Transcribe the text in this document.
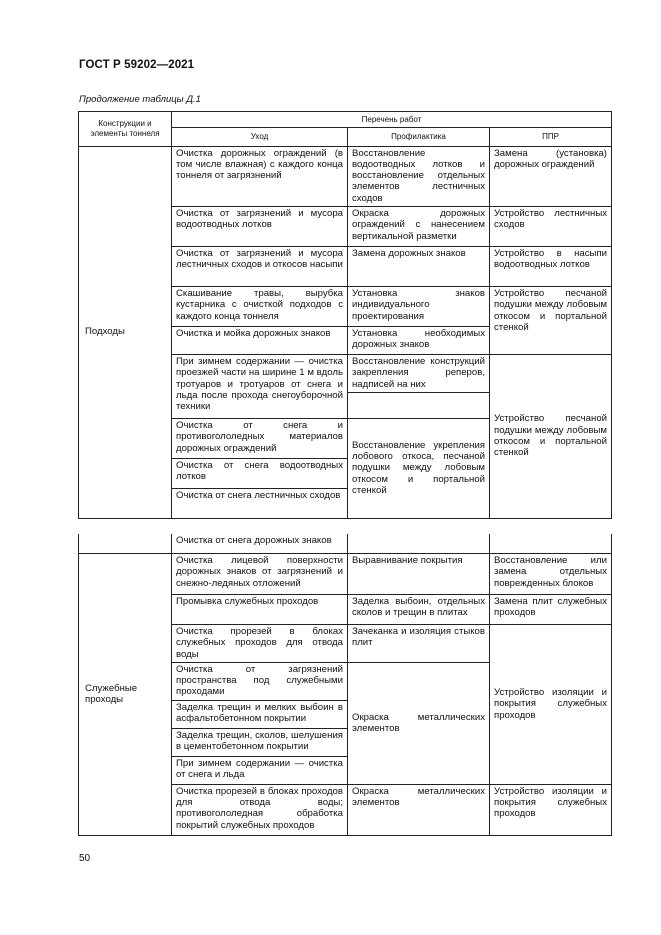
ГОСТ Р 59202—2021
Продолжение таблицы Д.1
Конструкции и элементы тоннеля	Перечень работ		
	Уход	Профилактика	ППР
Подходы	Очистка дорожных ограждений (в том числе влажная) с каждого конца тоннеля от загрязнений	Восстановление водоотводных лотков и восстановление отдельных элементов лестничных сходов	Замена (установка) дорожных ограждений
	Очистка от загрязнений и мусора водоотводных лотков	Окраска дорожных ограждений с нанесением вертикальной разметки	Устройство лестничных сходов
	Очистка от загрязнений и мусора лестничных сходов и откосов насыпи	Замена дорожных знаков	Устройство в насыпи водоотводных лотков
	Скашивание травы, вырубка кустарника с очисткой подходов с каждого конца тоннеля	Установка знаков индивидуального проектирования	Устройство песчаной подушки между лобовым откосом и портальной стенкой
	Очистка и мойка дорожных знаков	Установка необходимых дорожных знаков	
	При зимнем содержании — очистка проезжей части на ширине 1 м вдоль тротуаров и тротуаров от снега и льда после прохода снегоуборочной техники	Восстановление конструкций закрепления реперов, надписей на них	Устройство песчаной подушки между лобовым откосом и портальной стенкой

	Очистка от снега и противогололедных материалов дорожных ограждений	Восстановление укрепления лобового откоса, песчаной подушки между лобовым откосом и портальной стенкой	
	Очистка от снега водоотводных лотков		
	Очистка от снега лестничных сходов		
	Очистка от снега дорожных знаков		
Служебные проходы	Очистка лицевой поверхности дорожных знаков от загрязнений и снежно-ледяных отложений	Выравнивание покрытия	Восстановление или замена отдельных поврежденных блоков
	Промывка служебных проходов	Заделка выбоин, отдельных сколов и трещин в плитах	Замена плит служебных проходов
	Очистка прорезей в блоках служебных проходов для отвода воды	Зачеканка и изоляция стыков плит	Устройство изоляции и покрытия служебных проходов
	Очистка от загрязнений пространства под служебными проходами	Окраска металлических элементов	
	Заделка трещин и мелких выбоин в асфальтобетонном покрытии		
	Заделка трещин, сколов, шелушения в цементобетонном покрытии		
	При зимнем содержании — очистка от снега и льда		
	Очистка прорезей в блоках проходов для отвода воды; противогололедная обработка покрытий служебных проходов	Окраска металлических элементов	Устройство изоляции и покрытия служебных проходов
50
